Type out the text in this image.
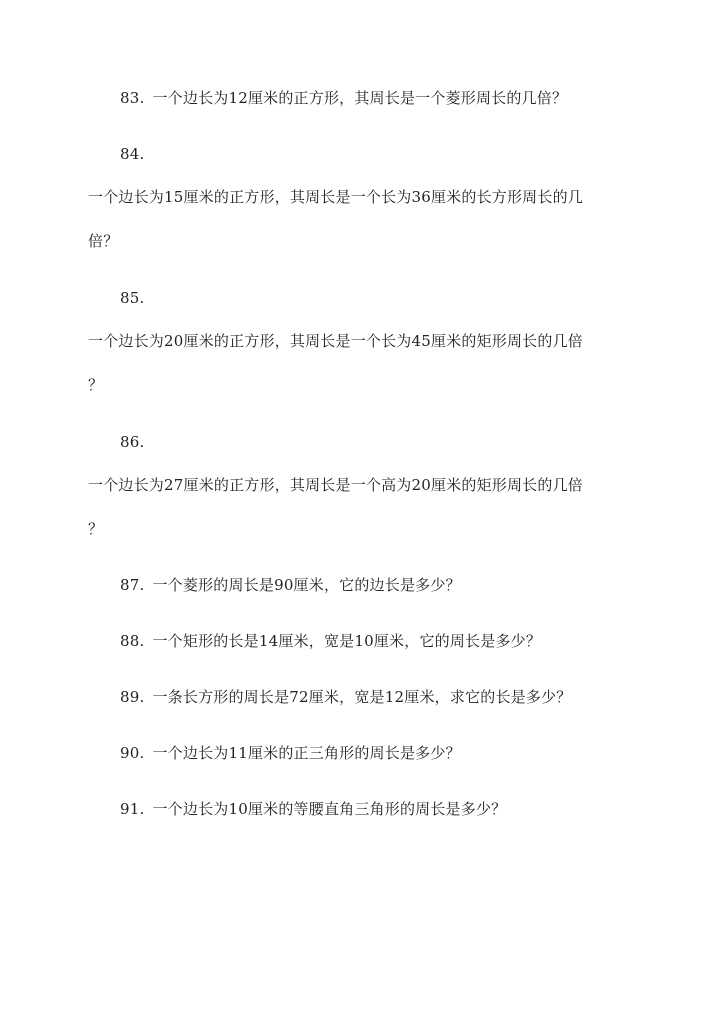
83. 一个边长为12厘米的正方形，其周长是一个菱形周长的几倍？
84.
一个边长为15厘米的正方形，其周长是一个长为36厘米的长方形周长的几
倍？
85.
一个边长为20厘米的正方形，其周长是一个长为45厘米的矩形周长的几倍
？
86.
一个边长为27厘米的正方形，其周长是一个高为20厘米的矩形周长的几倍
？
87. 一个菱形的周长是90厘米，它的边长是多少？
88. 一个矩形的长是14厘米，宽是10厘米，它的周长是多少？
89. 一条长方形的周长是72厘米，宽是12厘米，求它的长是多少？
90. 一个边长为11厘米的正三角形的周长是多少？
91. 一个边长为10厘米的等腰直角三角形的周长是多少？
